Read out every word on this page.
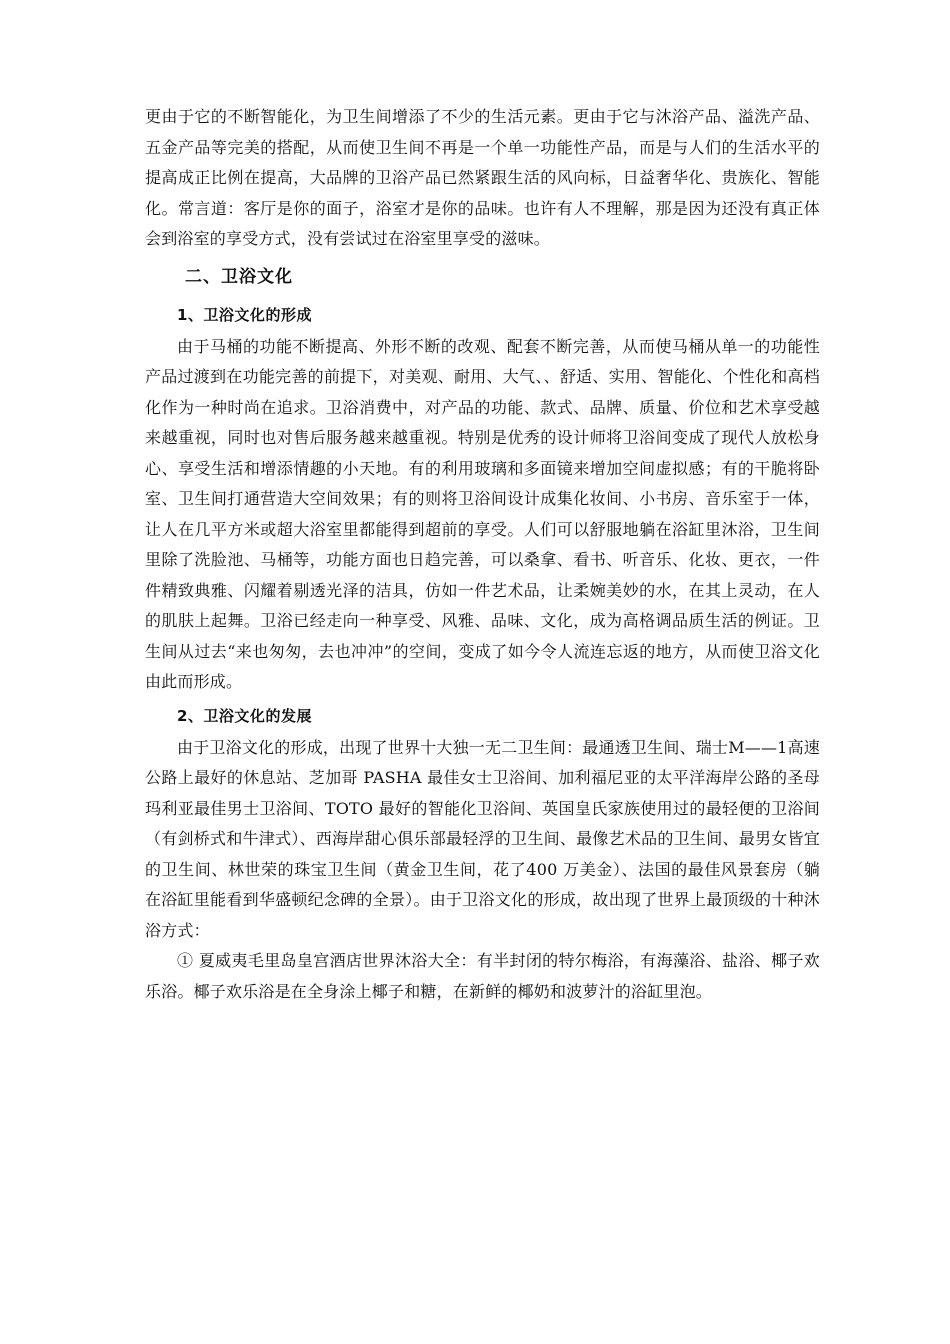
更由于它的不断智能化，为卫生间增添了不少的生活元素。更由于它与沐浴产品、溢洗产品、五金产品等完美的搭配，从而使卫生间不再是一个单一功能性产品，而是与人们的生活水平的提高成正比例在提高，大品牌的卫浴产品已然紧跟生活的风向标，日益奢华化、贵族化、智能化。常言道：客厅是你的面子，浴室才是你的品味。也许有人不理解，那是因为还没有真正体会到浴室的享受方式，没有尝试过在浴室里享受的滋味。

二、卫浴文化
1、卫浴文化的形成

由于马桶的功能不断提高、外形不断的改观、配套不断完善，从而使马桶从单一的功能性产品过渡到在功能完善的前提下，对美观、耐用、大气、、舒适、实用、智能化、个性化和高档化作为一种时尚在追求。卫浴消费中，对产品的功能、款式、品牌、质量、价位和艺术享受越来越重视，同时也对售后服务越来越重视。特别是优秀的设计师将卫浴间变成了现代人放松身心、享受生活和增添情趣的小天地。有的利用玻璃和多面镜来增加空间虚拟感；有的干脆将卧室、卫生间打通营造大空间效果；有的则将卫浴间设计成集化妆间、小书房、音乐室于一体，让人在几平方米或超大浴室里都能得到超前的享受。人们可以舒服地躺在浴缸里沐浴，卫生间里除了洗脸池、马桶等，功能方面也日趋完善，可以桑拿、看书、听音乐、化妆、更衣，一件件精致典雅、闪耀着剔透光泽的洁具，仿如一件艺术品，让柔婉美妙的水，在其上灵动，在人的肌肤上起舞。卫浴已经走向一种享受、风雅、品味、文化，成为高格调品质生活的例证。卫生间从过去“来也匆匆，去也冲冲”的空间，变成了如今令人流连忘返的地方，从而使卫浴文化由此而形成。

2、卫浴文化的发展

由于卫浴文化的形成，出现了世界十大独一无二卫生间：最通透卫生间、瑞士M——1高速公路上最好的休息站、芝加哥 PASHA 最佳女士卫浴间、加利福尼亚的太平洋海岸公路的圣母玛利亚最佳男士卫浴间、TOTO 最好的智能化卫浴间、英国皇氏家族使用过的最轻便的卫浴间（有剑桥式和牛津式）、西海岸甜心俱乐部最轻浮的卫生间、最像艺术品的卫生间、最男女皆宜的卫生间、林世荣的珠宝卫生间（黄金卫生间，花了400 万美金）、法国的最佳风景套房（躺在浴缸里能看到华盛顿纪念碑的全景）。由于卫浴文化的形成，故出现了世界上最顶级的十种沐浴方式：

① 夏威夷毛里岛皇宫酒店世界沐浴大全：有半封闭的特尔梅浴，有海藻浴、盐浴、椰子欢乐浴。椰子欢乐浴是在全身涂上椰子和糖，在新鲜的椰奶和波萝汁的浴缸里泡。
